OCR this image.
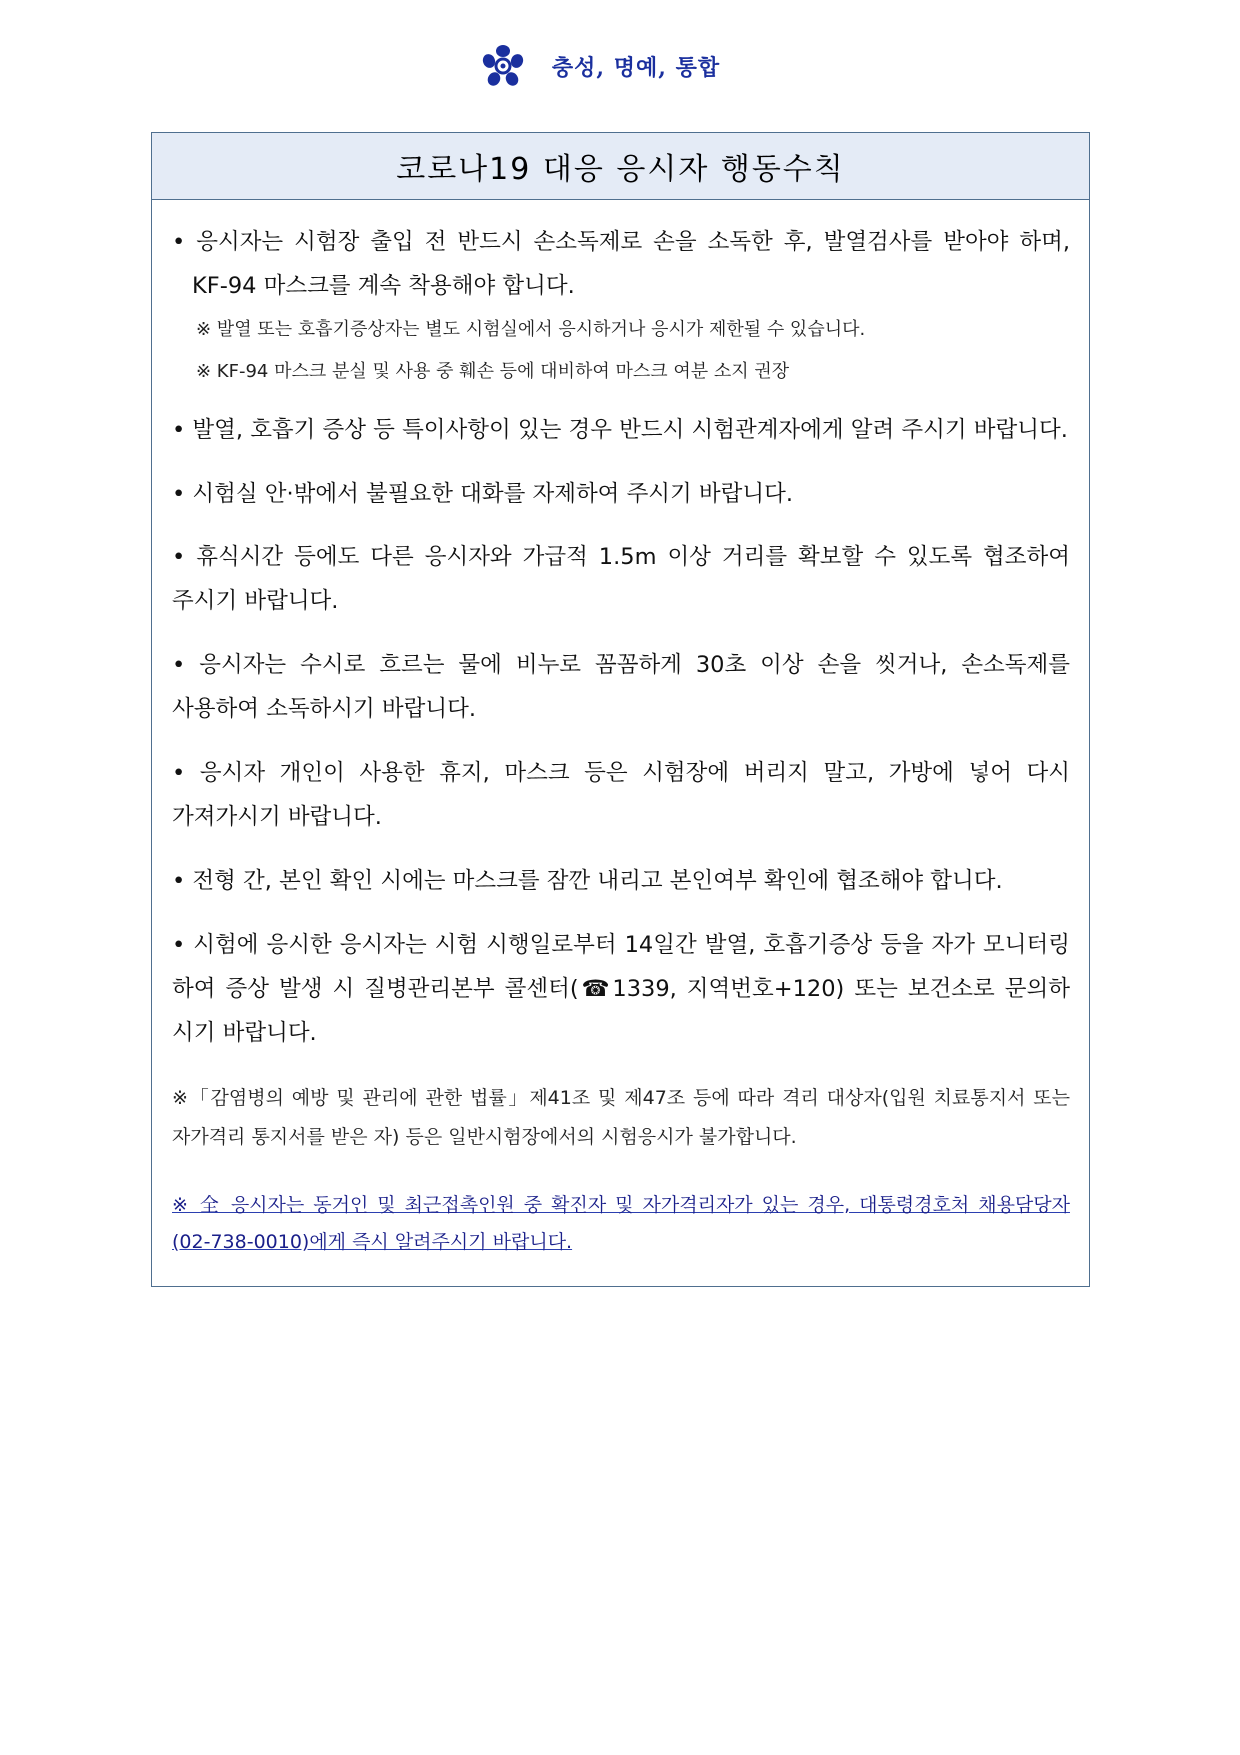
충성, 명예, 통합
코로나19 대응 응시자 행동수칙
• 응시자는 시험장 출입 전 반드시 손소독제로 손을 소독한 후, 발열검사를 받아야 하며,
KF-94 마스크를 계속 착용해야 합니다.
※ 발열 또는 호흡기증상자는 별도 시험실에서 응시하거나 응시가 제한될 수 있습니다.
※ KF-94 마스크 분실 및 사용 중 훼손 등에 대비하여 마스크 여분 소지 권장
• 발열, 호흡기 증상 등 특이사항이 있는 경우 반드시 시험관계자에게 알려 주시기 바랍니다.
• 시험실 안·밖에서 불필요한 대화를 자제하여 주시기 바랍니다.
• 휴식시간 등에도 다른 응시자와 가급적 1.5m 이상 거리를 확보할 수 있도록 협조하여
주시기 바랍니다.
• 응시자는 수시로 흐르는 물에 비누로 꼼꼼하게 30초 이상 손을 씻거나, 손소독제를
사용하여 소독하시기 바랍니다.
• 응시자 개인이 사용한 휴지, 마스크 등은 시험장에 버리지 말고, 가방에 넣어 다시
가져가시기 바랍니다.
• 전형 간, 본인 확인 시에는 마스크를 잠깐 내리고 본인여부 확인에 협조해야 합니다.
• 시험에 응시한 응시자는 시험 시행일로부터 14일간 발열, 호흡기증상 등을 자가 모니터링
하여 증상 발생 시 질병관리본부 콜센터(☎1339, 지역번호+120) 또는 보건소로 문의하
시기 바랍니다.
※「감염병의 예방 및 관리에 관한 법률」제41조 및 제47조 등에 따라 격리 대상자(입원 치료통지서 또는
자가격리 통지서를 받은 자) 등은 일반시험장에서의 시험응시가 불가합니다.
※ 全 응시자는 동거인 및 최근접촉인원 중 확진자 및 자가격리자가 있는 경우, 대통령경호처 채용담당자
(02-738-0010)에게 즉시 알려주시기 바랍니다.
